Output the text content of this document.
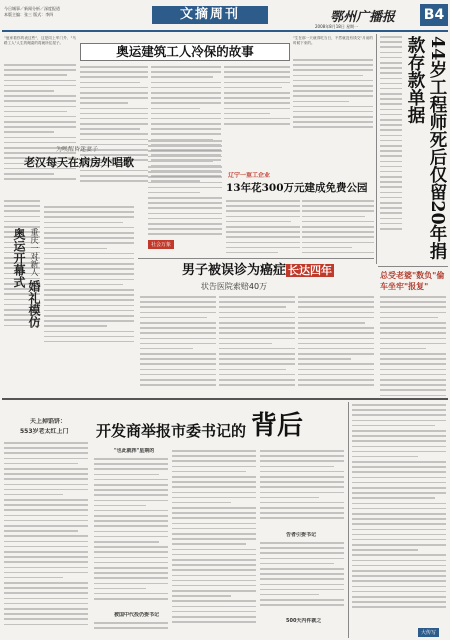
今日城事／新闻分析／深度报道
本版主编：张三 版式：李四	文摘周刊	鄂州广播报
2008年8月18日 星期一
B4
"他家看你的表这些"，这是同上军门外、"马路工人"人生的绳索的将就所住屋子。
奥运建筑工人冷保的故事
"生在那一天就得吃当日，不然就没有钱交"月前的时候下来的。	44岁工程师死后仅留20年捐款存款单据
为唤醒昏迷妻子
老汉每天在病房外唱歌
重庆一对新人 婚礼模仿奥运开幕式	社会万象
辽宁一重工企业
13年花300万元建成免费公园
男子被误诊为癌症 长达四年
状告医院索赔40万
总受老婆"数负"倫车坐牢"报复"
夫上掉馅饼：
553岁老太红上门 开发商举报市委书记的 背后
"也此就挥"星期的
被国中代投仍委书记
告者引委书记
500天内件就之
大传写
